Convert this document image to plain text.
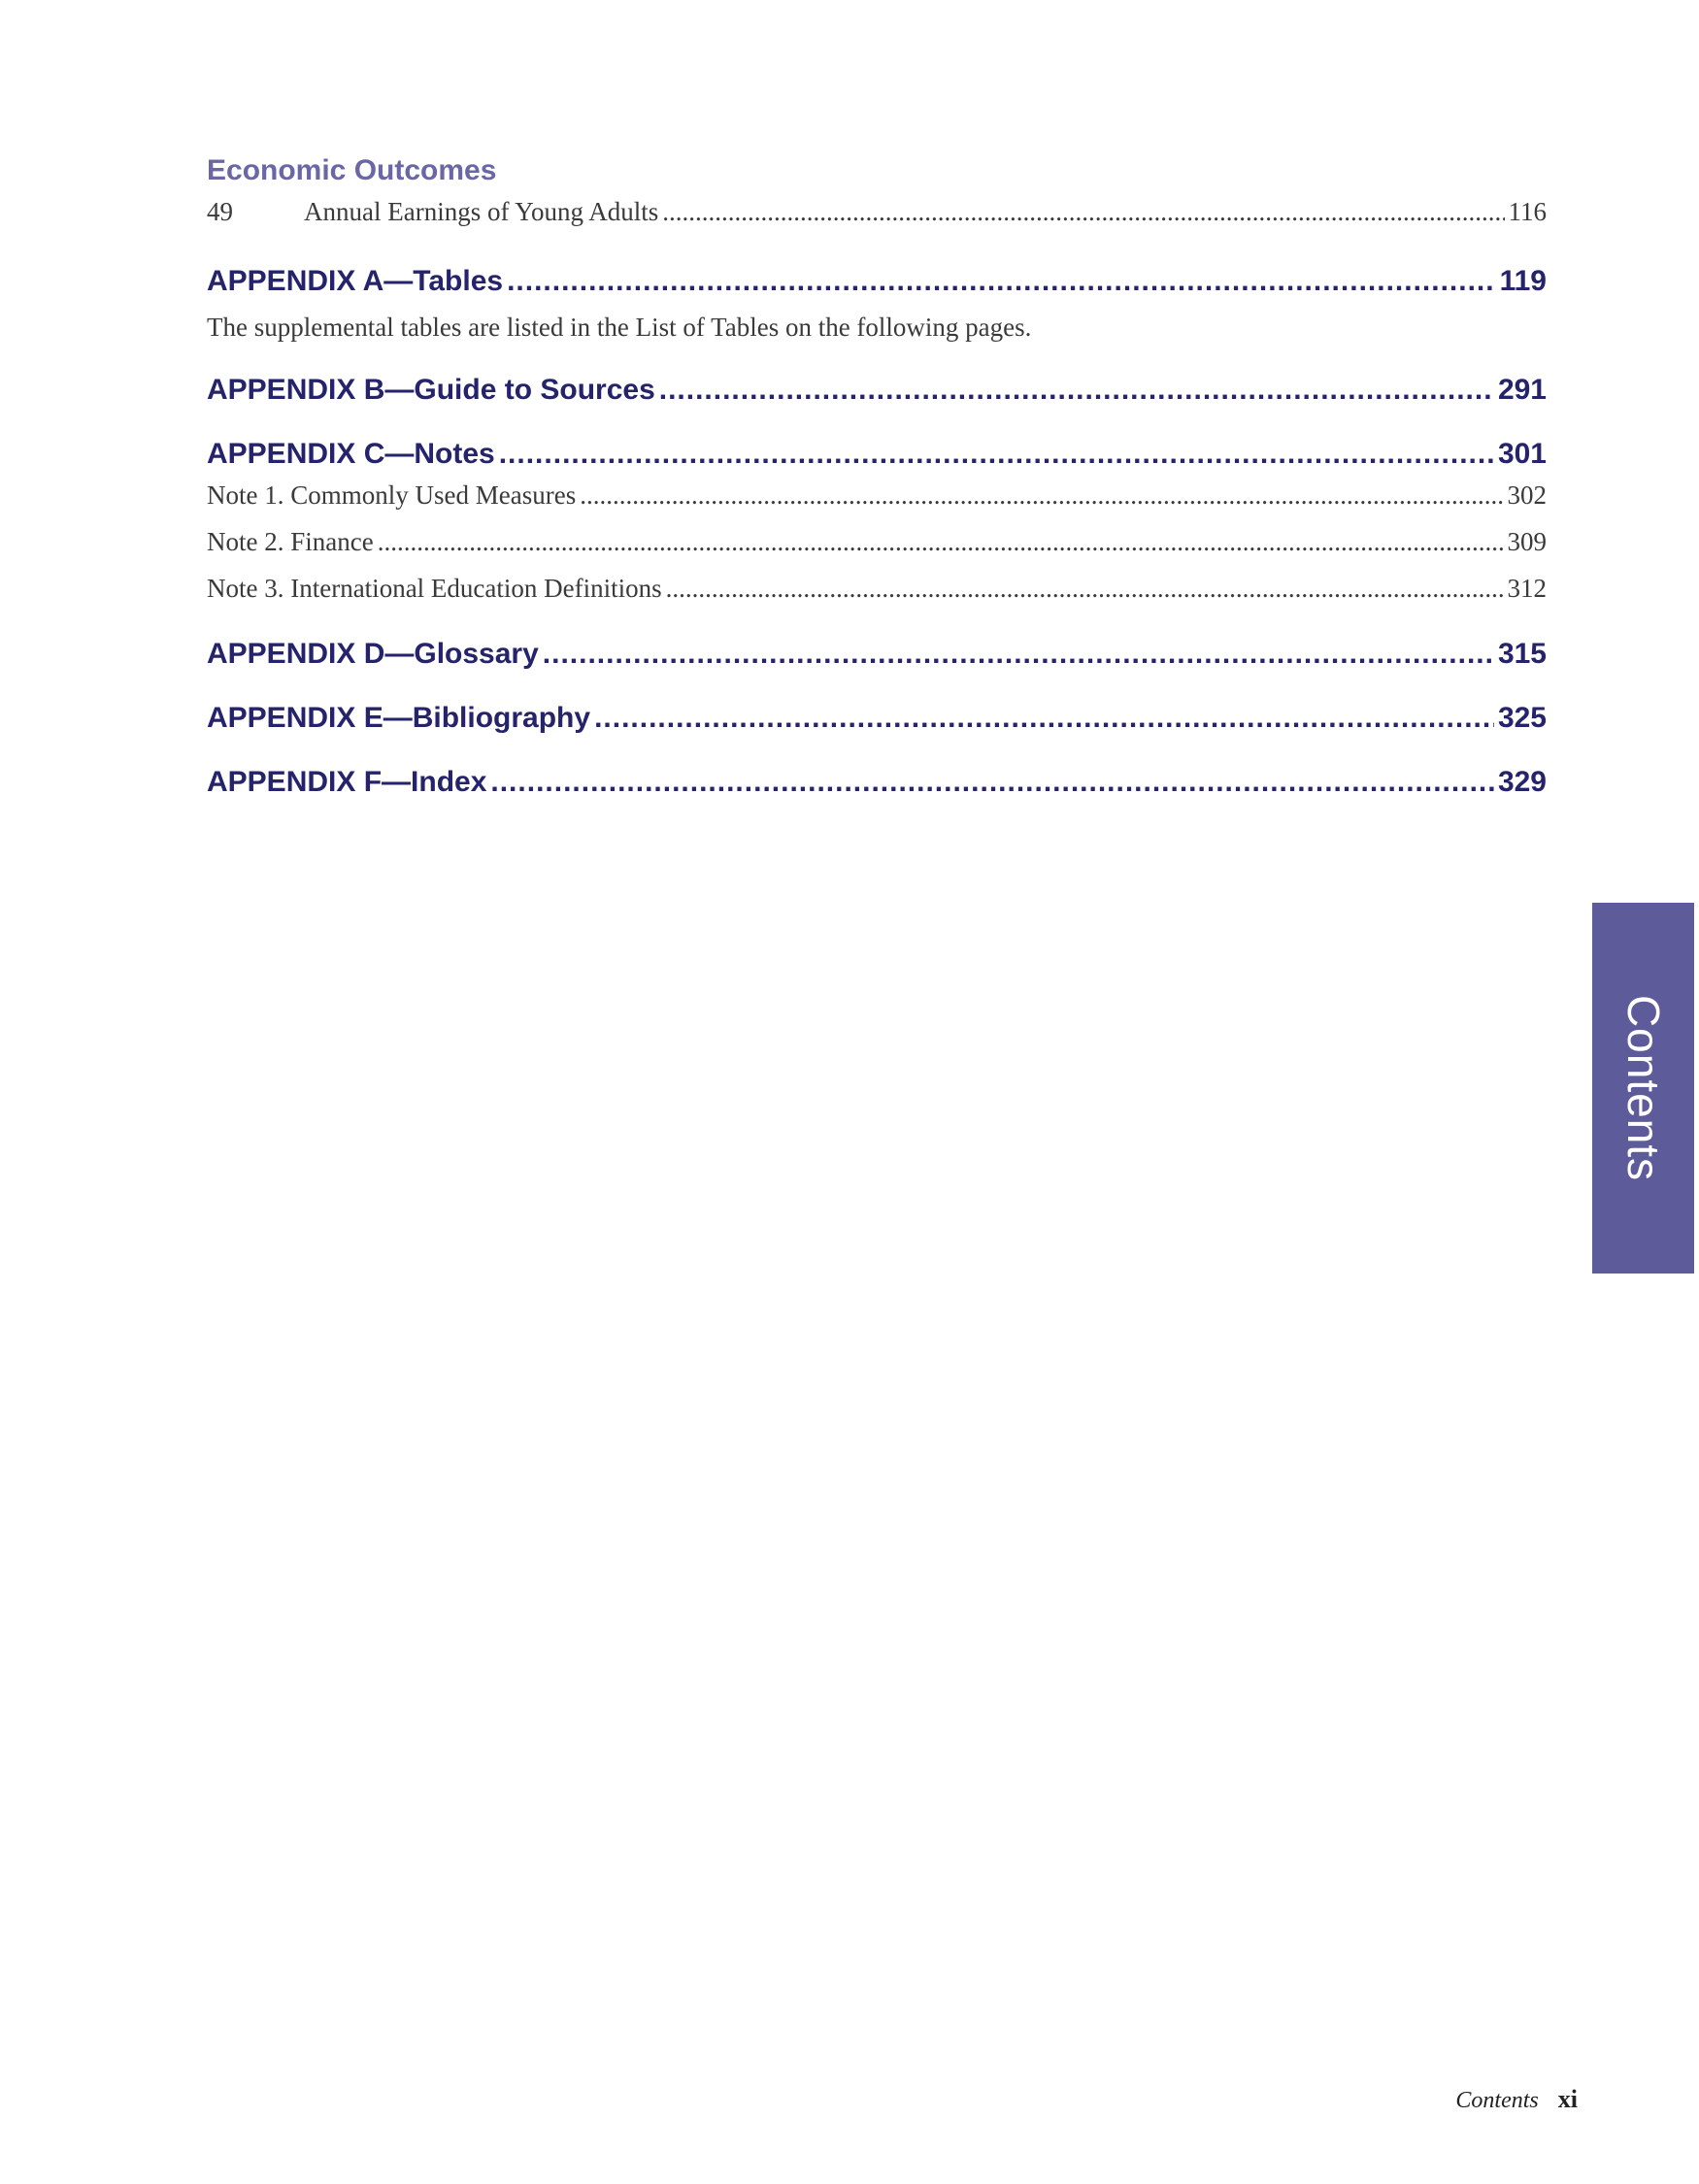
Economic Outcomes
49	Annual Earnings of Young Adults .....	116
APPENDIX A—Tables .....	119
The supplemental tables are listed in the List of Tables on the following pages.
APPENDIX B—Guide to Sources .....	291
APPENDIX C—Notes .....	301
Note 1. Commonly Used Measures .....	302
Note 2. Finance .....	309
Note 3. International Education Definitions .....	312
APPENDIX D—Glossary .....	315
APPENDIX E—Bibliography .....	325
APPENDIX F—Index .....	329
Contents
Contents xi
